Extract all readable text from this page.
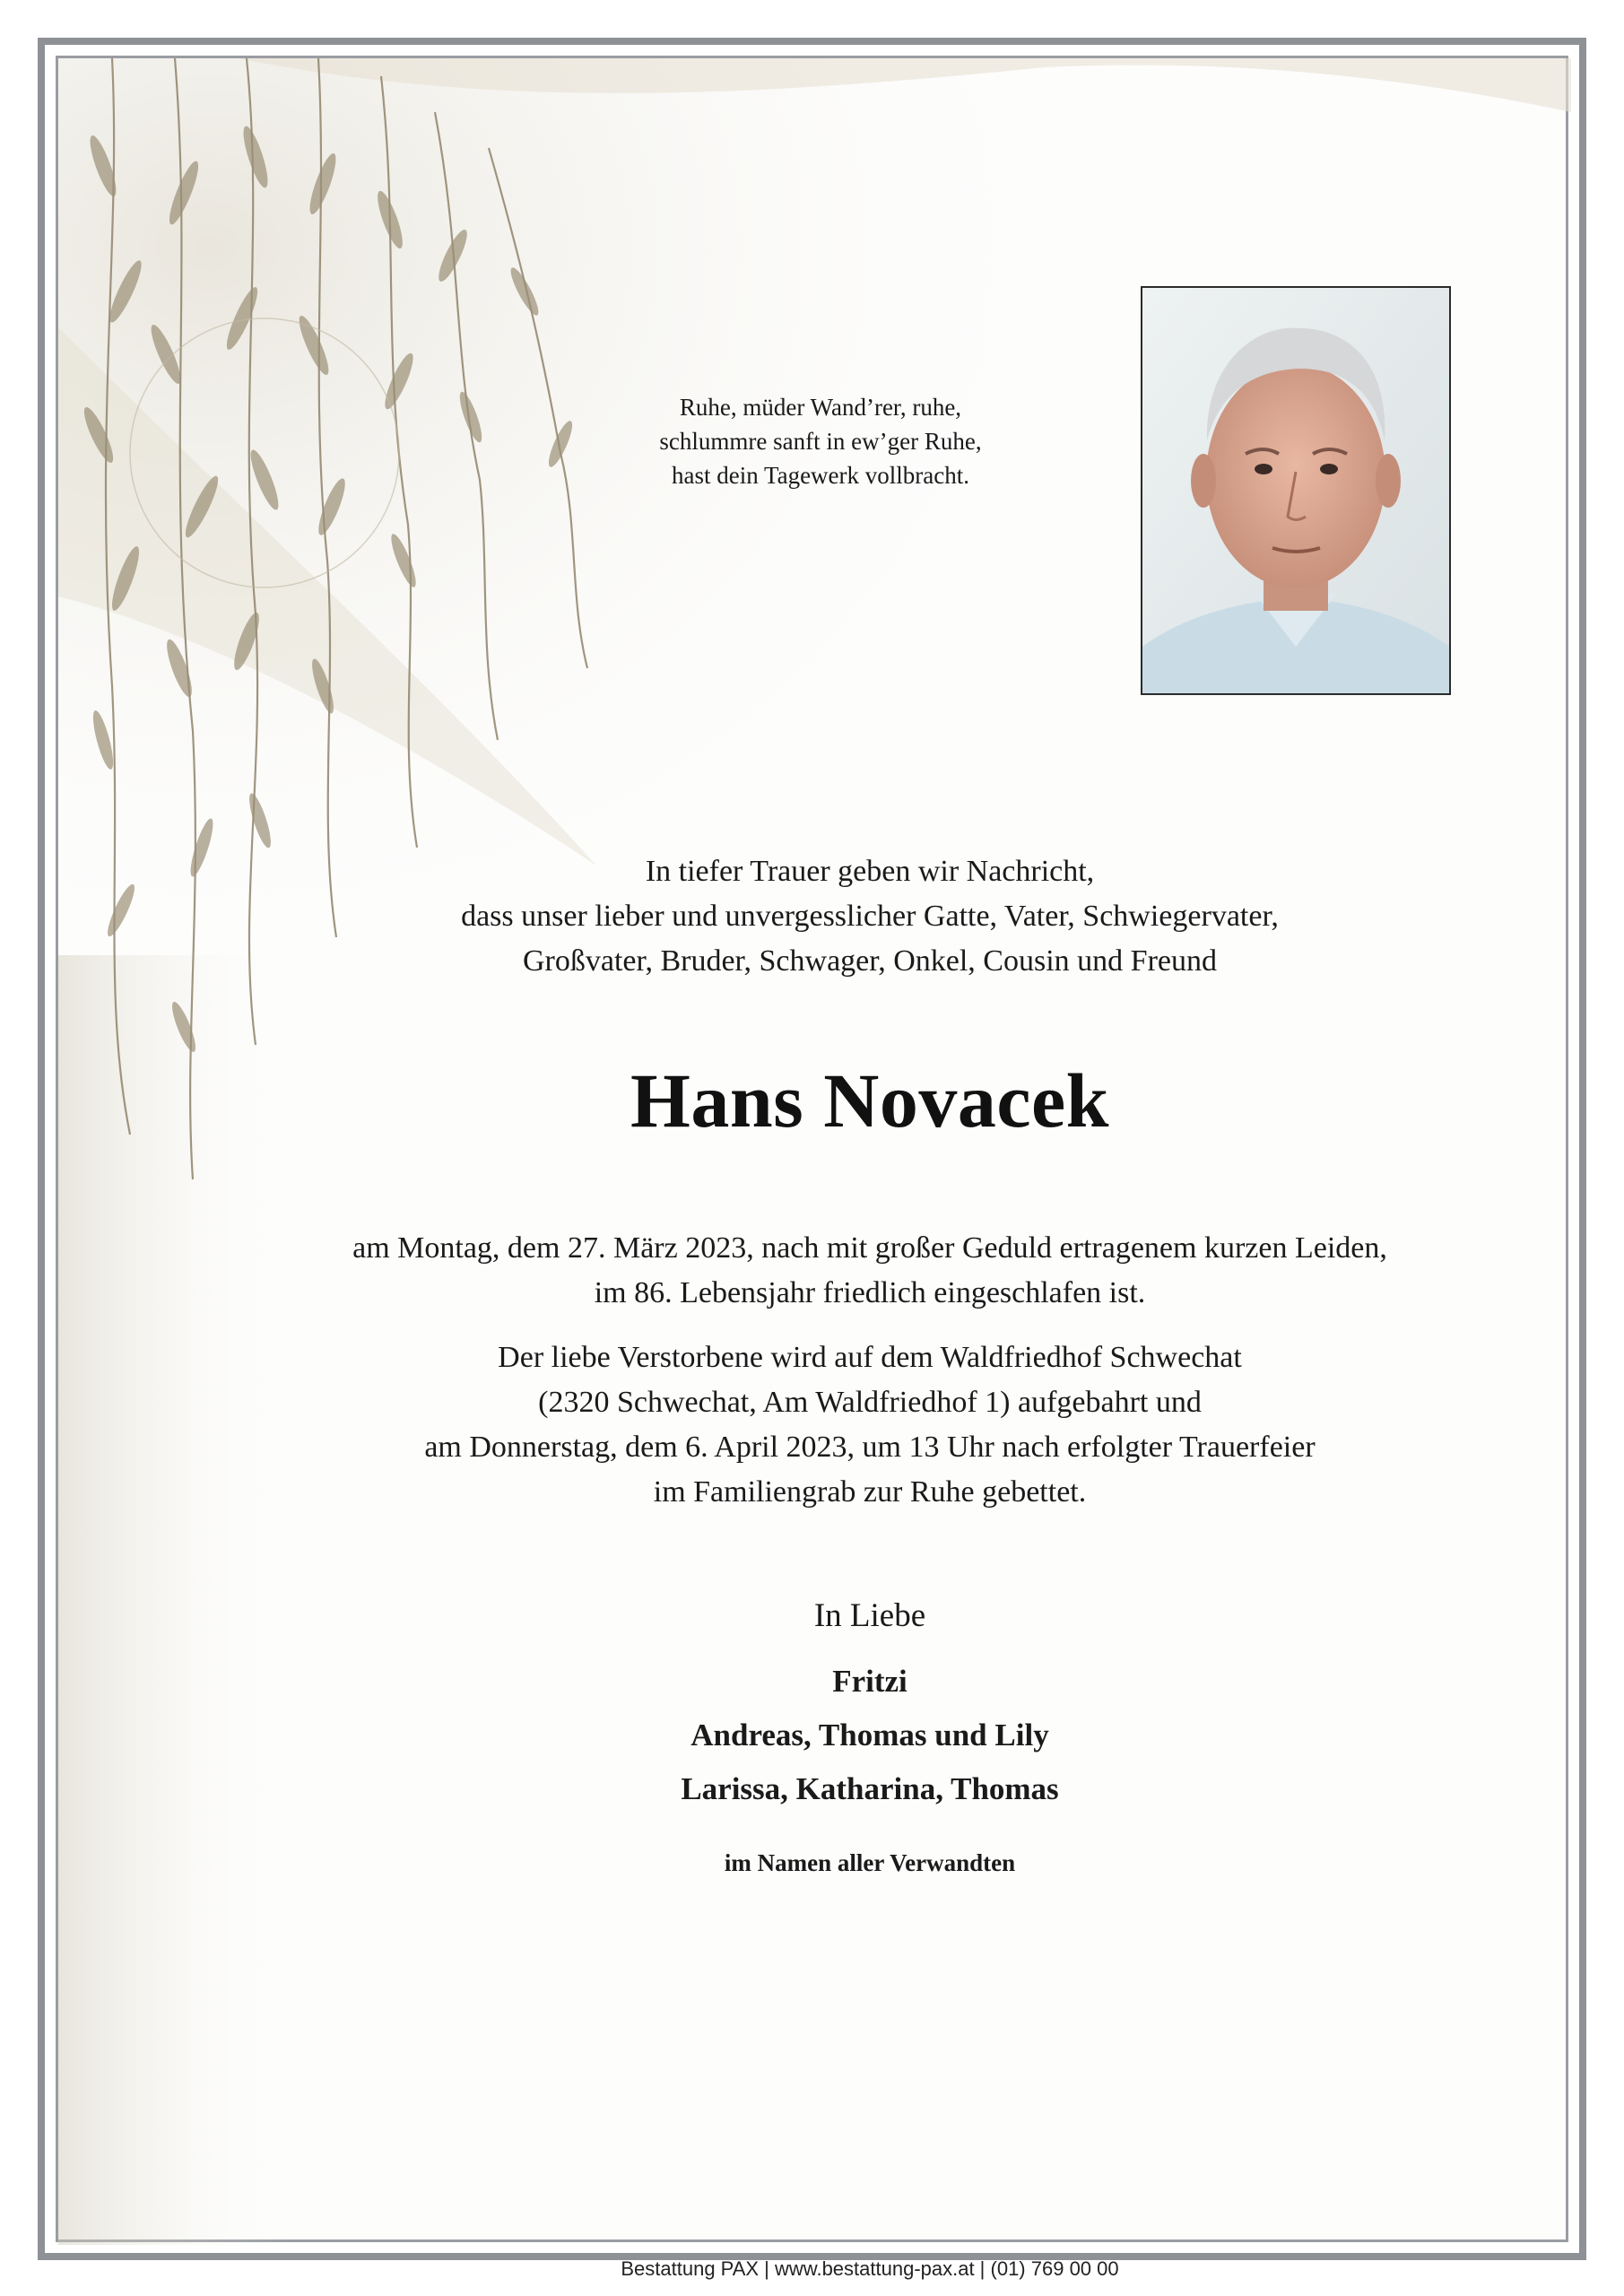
Ruhe, müder Wand’rer, ruhe,
schlummre sanft in ew’ger Ruhe,
hast dein Tagewerk vollbracht.
In tiefer Trauer geben wir Nachricht,
dass unser lieber und unvergesslicher Gatte, Vater, Schwiegervater,
Großvater, Bruder, Schwager, Onkel, Cousin und Freund
Hans Novacek
am Montag, dem 27. März 2023, nach mit großer Geduld ertragenem kurzen Leiden,
im 86. Lebensjahr friedlich eingeschlafen ist.
Der liebe Verstorbene wird auf dem Waldfriedhof Schwechat
(2320 Schwechat, Am Waldfriedhof 1) aufgebahrt und
am Donnerstag, dem 6. April 2023, um 13 Uhr nach erfolgter Trauerfeier
im Familiengrab zur Ruhe gebettet.
In Liebe
Fritzi
Andreas, Thomas und Lily
Larissa, Katharina, Thomas
im Namen aller Verwandten
Bestattung PAX | www.bestattung-pax.at | (01) 769 00 00
